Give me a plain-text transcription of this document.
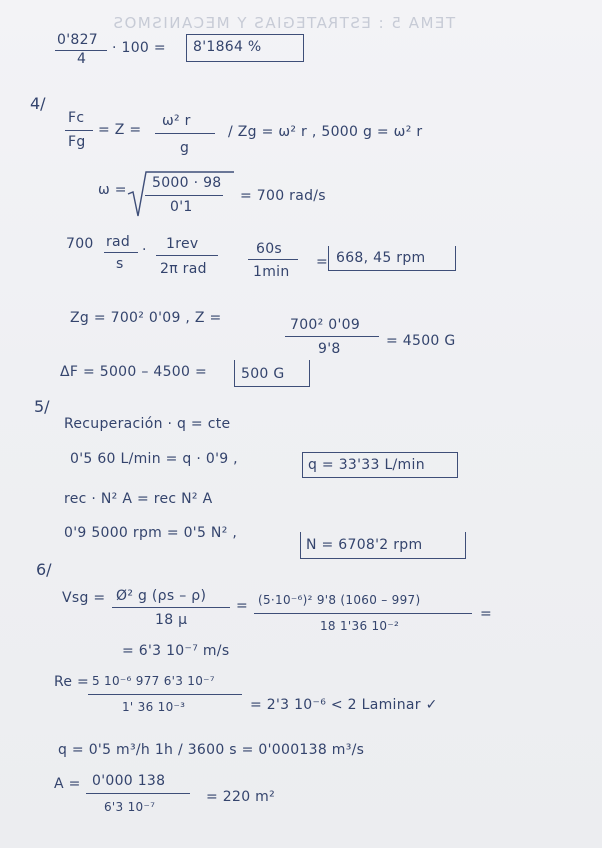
TEMA 5 : ESTRATEGIAS Y MECANISMOS
0'827
4
· 100 = 8'1864 %
4/
Fc
Fg
= Z =
ω² r
g
/ Zg = ω² r , 5000 g = ω² r
ω = 5000 · 98
0'1
= 700 rad/s
700 rad
s
· 1rev
2π rad
60s
1min
= 668, 45 rpm
Zg = 700² 0'09 , Z =	700² 0'09
9'8	= 4500 G
ΔF = 5000 – 4500 = 500 G
5/
Recuperación · q = cte
0'5 60 L/min = q · 0'9 ,	q = 33'33 L/min
rec · N² A = rec N² A
0'9 5000 rpm = 0'5 N² ,
N = 6708'2 rpm
6/
Vsg = Ø² g (ρs – ρ)
18 μ
= (5·10⁻⁶)² 9'8 (1060 – 997)
18 1'36 10⁻²
=
= 6'3 10⁻⁷ m/s
Re = 5 10⁻⁶ 977 6'3 10⁻⁷
1' 36 10⁻³	= 2'3 10⁻⁶ < 2 Laminar ✓
q = 0'5 m³/h 1h / 3600 s = 0'000138 m³/s
A = 0'000 138
6'3 10⁻⁷
= 220 m²
